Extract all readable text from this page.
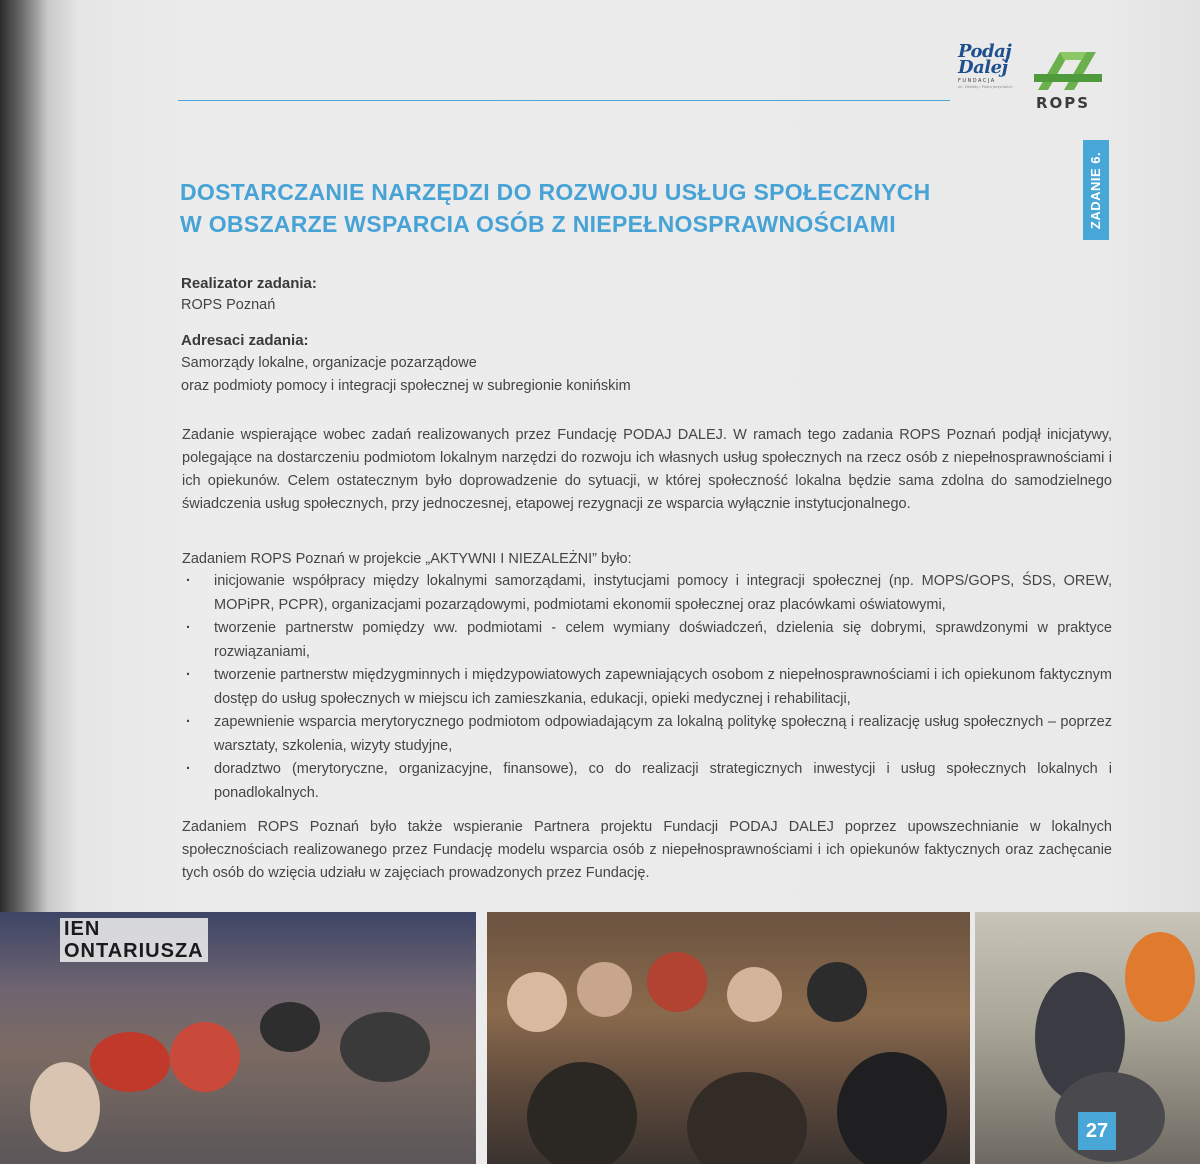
Podaj
Dalej
FUNDACJA
im. Elżbiety i Piotra Jarzyńskich
ROPS
ZADANIE 6.
DOSTARCZANIE NARZĘDZI DO ROZWOJU USŁUG SPOŁECZNYCH
W OBSZARZE WSPARCIA OSÓB Z NIEPEŁNOSPRAWNOŚCIAMI
Realizator zadania:
ROPS Poznań
Adresaci zadania:
Samorządy lokalne, organizacje pozarządowe
oraz podmioty pomocy i integracji społecznej w subregionie konińskim

Zadanie wspierające wobec zadań realizowanych przez Fundację PODAJ DALEJ. W ramach tego zadania ROPS Poznań podjął inicjatywy, polegające na dostarczeniu podmiotom lokalnym narzędzi do rozwoju ich własnych usług społecznych na rzecz osób z niepełnosprawnościami i ich opiekunów. Celem ostatecznym było doprowadzenie do sytuacji, w której społeczność lokalna będzie sama zdolna do samodzielnego świadczenia usług społecznych, przy jednoczesnej, etapowej rezygnacji ze wsparcia wyłącznie instytucjonalnego.

Zadaniem ROPS Poznań w projekcie „AKTYWNI I NIEZALEŻNI” było:

· inicjowanie współpracy między lokalnymi samorządami, instytucjami pomocy i integracji społecznej (np. MOPS/GOPS, ŚDS, OREW, MOPiPR, PCPR), organizacjami pozarządowymi, podmiotami ekonomii społecznej oraz placówkami oświatowymi,
· tworzenie partnerstw pomiędzy ww. podmiotami - celem wymiany doświadczeń, dzielenia się dobrymi, sprawdzonymi w praktyce rozwiązaniami,
· tworzenie partnerstw międzygminnych i międzypowiatowych zapewniających osobom z niepełnosprawnościami i ich opiekunom faktycznym dostęp do usług społecznych w miejscu ich zamieszkania, edukacji, opieki medycznej i rehabilitacji,
· zapewnienie wsparcia merytorycznego podmiotom odpowiadającym za lokalną politykę społeczną i realizację usług społecznych – poprzez warsztaty, szkolenia, wizyty studyjne,
· doradztwo (merytoryczne, organizacyjne, finansowe), co do realizacji strategicznych inwestycji i usług społecznych lokalnych i ponadlokalnych.

Zadaniem ROPS Poznań było także wspieranie Partnera projektu Fundacji PODAJ DALEJ poprzez upowszechnianie w lokalnych społecznościach realizowanego przez Fundację modelu wsparcia osób z niepełnosprawnościami i ich opiekunów faktycznych oraz zachęcanie tych osób do wzięcia udziału w zajęciach prowadzonych przez Fundację.

IEN
ONTARIUSZA
27
